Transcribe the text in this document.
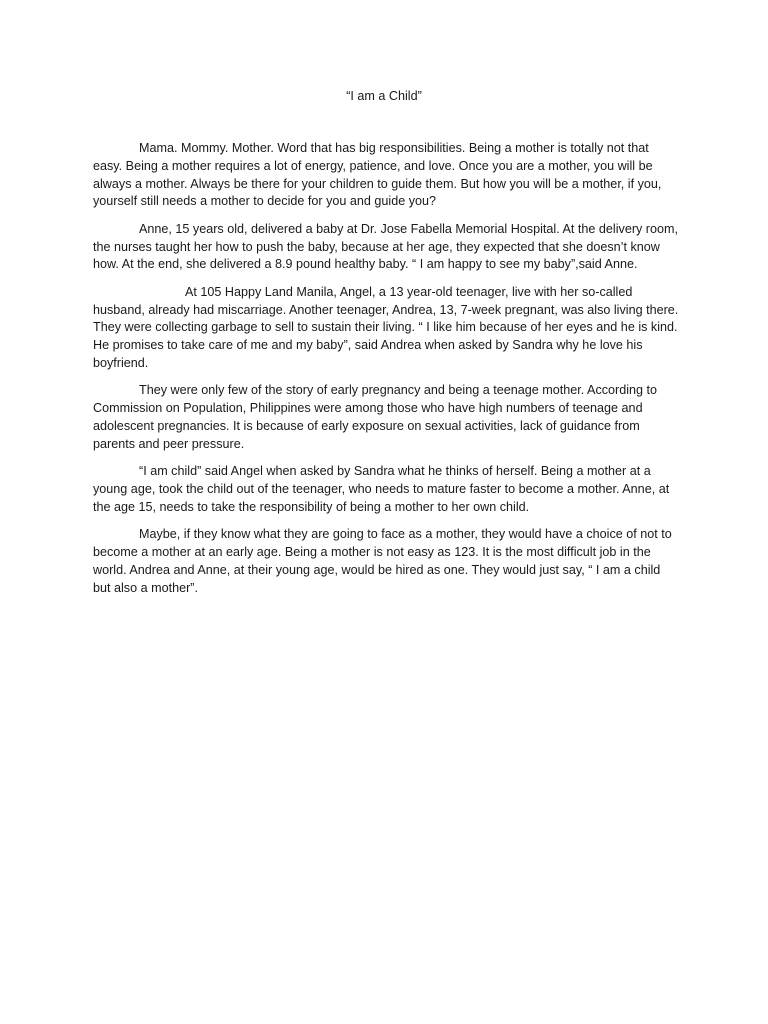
“I am a Child”

Mama. Mommy. Mother. Word that has big responsibilities. Being a mother is totally not that easy. Being a mother requires a lot of energy, patience, and love. Once you are a mother, you will be always a mother. Always be there for your children to guide them. But how you will be a mother, if you, yourself still needs a mother to decide for you and guide you?

Anne, 15 years old, delivered a baby at Dr. Jose Fabella Memorial Hospital. At the delivery room, the nurses taught her how to push the baby, because at her age, they expected that she doesn’t know how. At the end, she delivered a 8.9 pound healthy baby. “ I am happy to see my baby”,said Anne.

At 105 Happy Land Manila, Angel, a 13 year-old teenager, live with her so-called husband, already had miscarriage. Another teenager, Andrea, 13, 7-week pregnant, was also living there. They were collecting garbage to sell to sustain their living. “ I like him because of her eyes and he is kind. He promises to take care of me and my baby”, said Andrea when asked by Sandra why he love his boyfriend.

They were only few of the story of early pregnancy and being a teenage mother. According to Commission on Population, Philippines were among those who have high numbers of teenage and adolescent pregnancies. It is because of early exposure on sexual activities, lack of guidance from parents and peer pressure.

“I am child” said Angel when asked by Sandra what he thinks of herself. Being a mother at a young age, took the child out of the teenager, who needs to mature faster to become a mother. Anne, at the age 15, needs to take the responsibility of being a mother to her own child.

Maybe, if they know what they are going to face as a mother, they would have a choice of not to become a mother at an early age. Being a mother is not easy as 123. It is the most difficult job in the world. Andrea and Anne, at their young age, would be hired as one. They would just say, “ I am a child but also a mother”.
